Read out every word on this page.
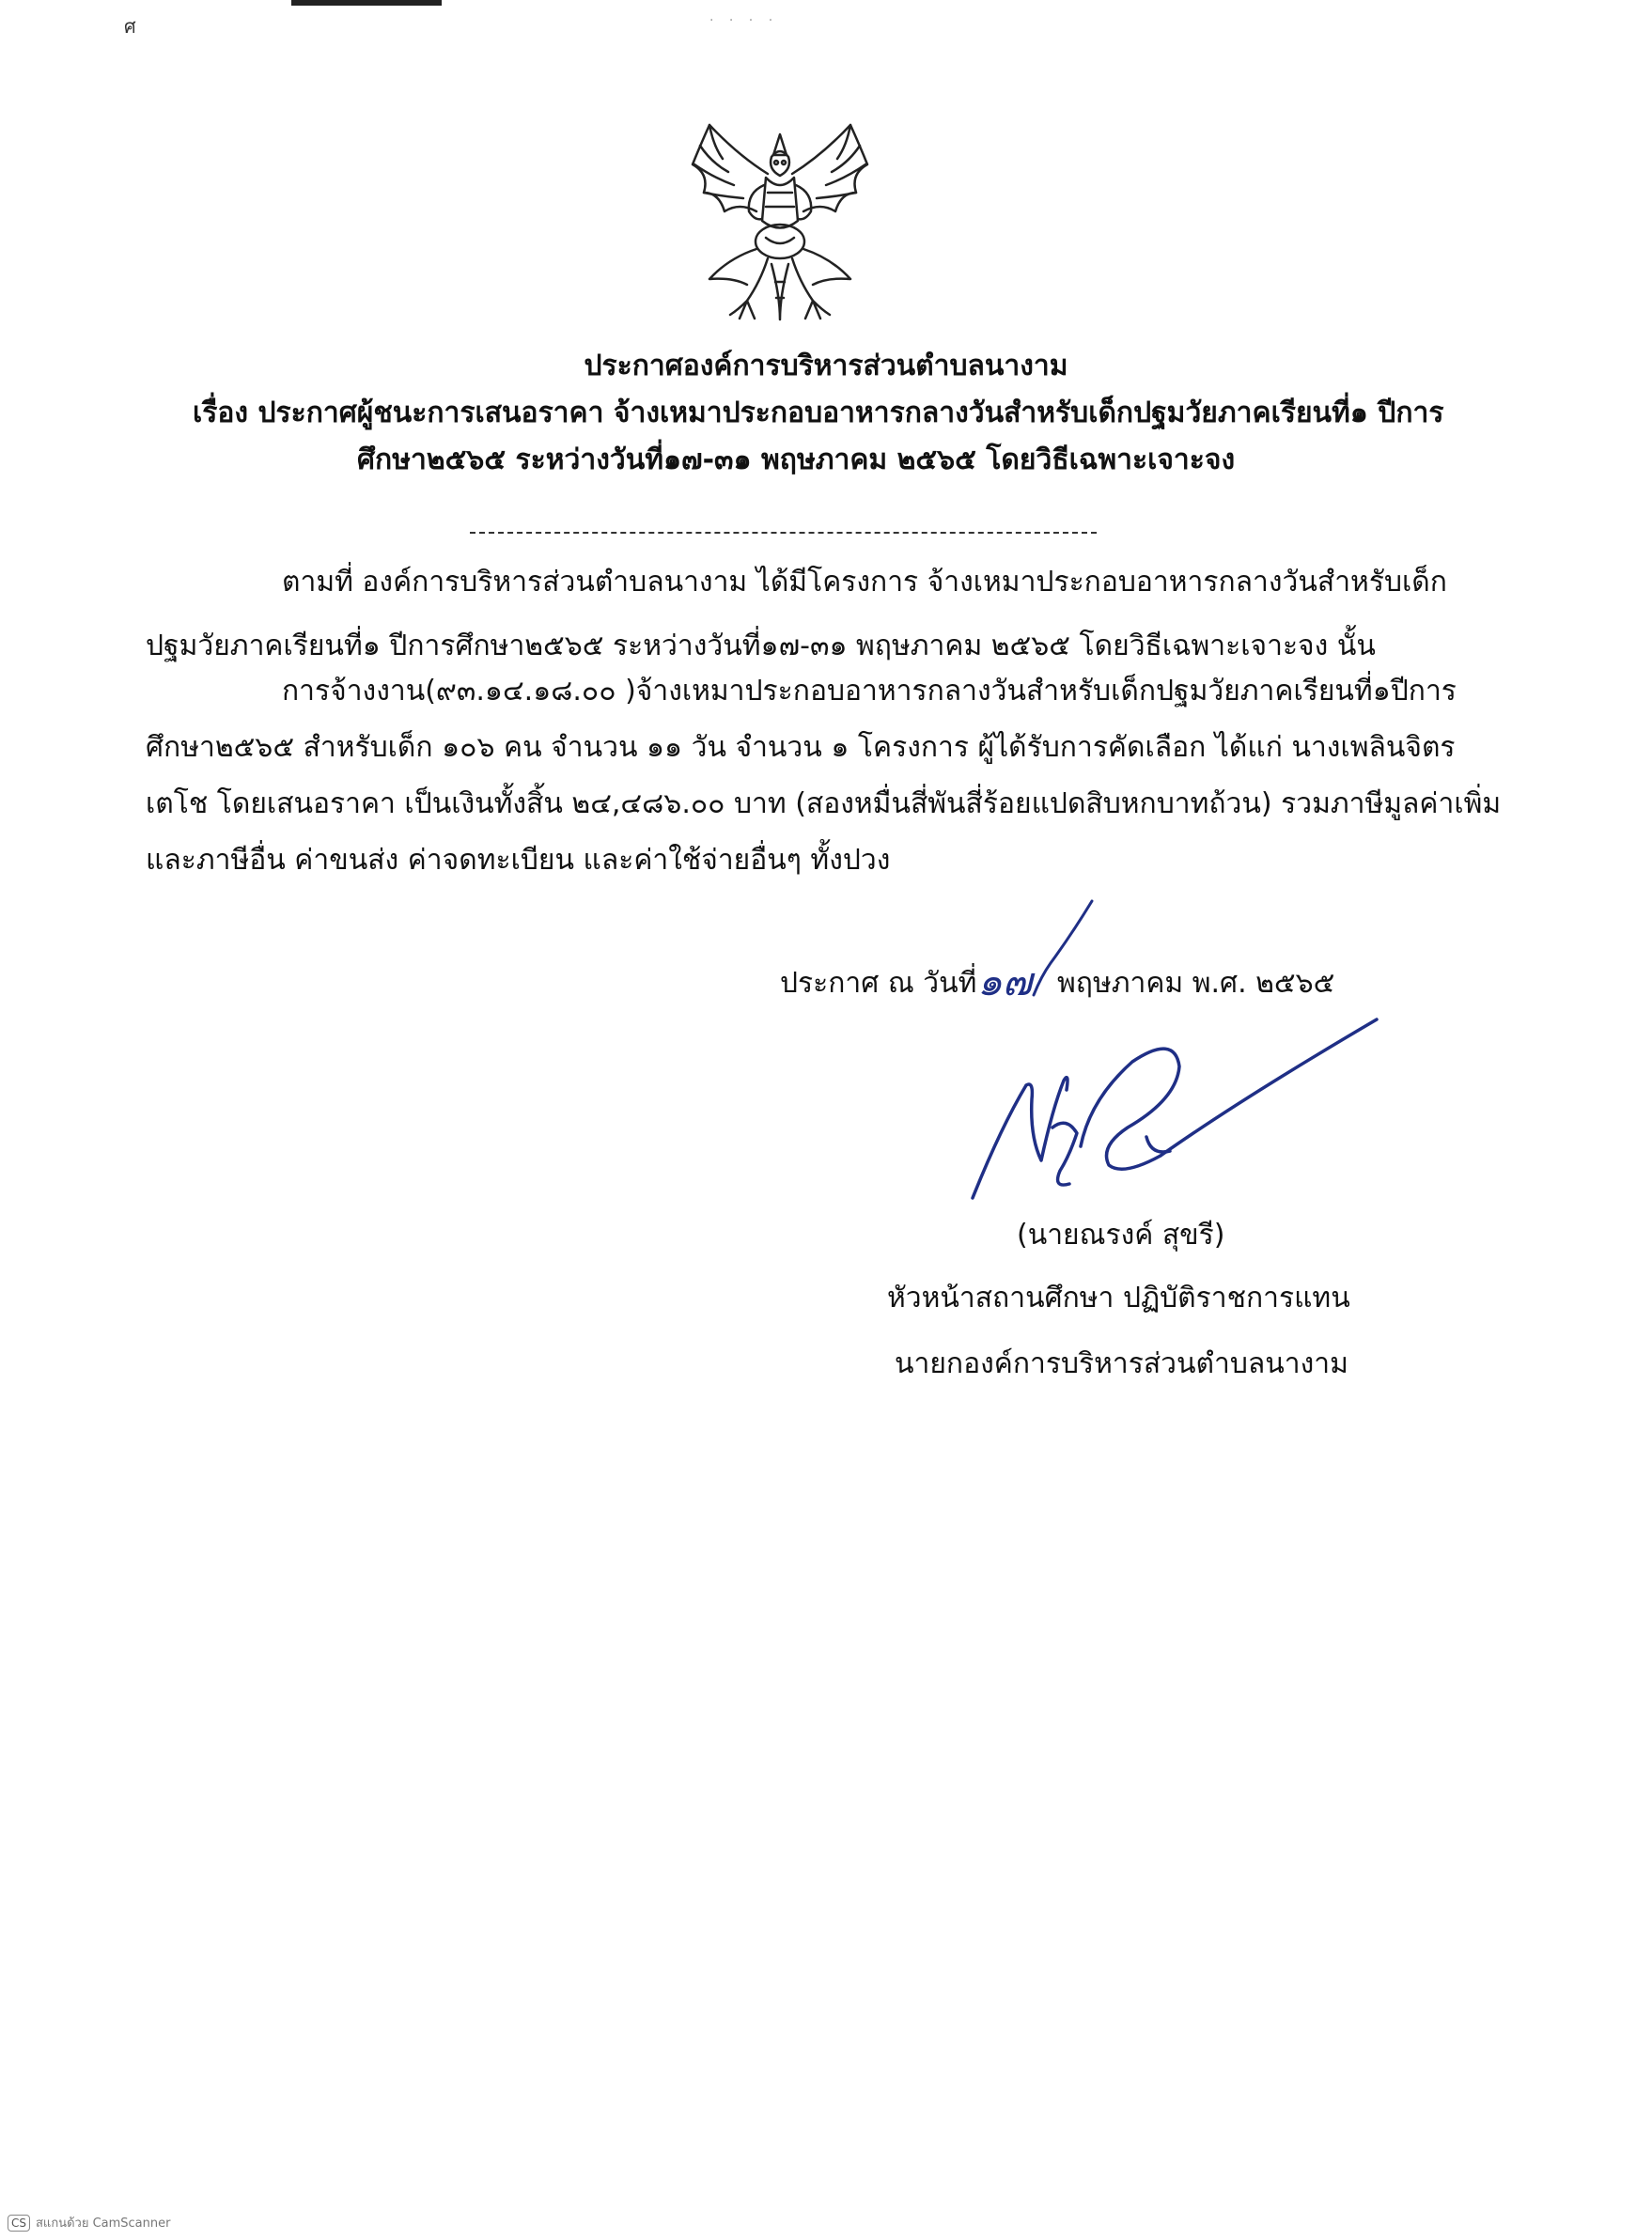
ศ	· · · ·
ประกาศองค์การบริหารส่วนตำบลนางาม
เรื่อง ประกาศผู้ชนะการเสนอราคา จ้างเหมาประกอบอาหารกลางวันสำหรับเด็กปฐมวัยภาคเรียนที่๑ ปีการ
ศึกษา๒๕๖๕ ระหว่างวันที่๑๗-๓๑ พฤษภาคม ๒๕๖๕ โดยวิธีเฉพาะเจาะจง
ตามที่ องค์การบริหารส่วนตำบลนางาม ได้มีโครงการ จ้างเหมาประกอบอาหารกลางวันสำหรับเด็ก
ปฐมวัยภาคเรียนที่๑ ปีการศึกษา๒๕๖๕ ระหว่างวันที่๑๗-๓๑ พฤษภาคม ๒๕๖๕ โดยวิธีเฉพาะเจาะจง นั้น
การจ้างงาน(๙๓.๑๔.๑๘.๐๐ )จ้างเหมาประกอบอาหารกลางวันสำหรับเด็กปฐมวัยภาคเรียนที่๑ปีการ
ศึกษา๒๕๖๕ สำหรับเด็ก ๑๐๖ คน จำนวน ๑๑ วัน จำนวน ๑ โครงการ ผู้ได้รับการคัดเลือก ได้แก่ นางเพลินจิตร
เตโช โดยเสนอราคา เป็นเงินทั้งสิ้น ๒๔,๔๘๖.๐๐ บาท (สองหมื่นสี่พันสี่ร้อยแปดสิบหกบาทถ้วน) รวมภาษีมูลค่าเพิ่ม
และภาษีอื่น ค่าขนส่ง ค่าจดทะเบียน และค่าใช้จ่ายอื่นๆ ทั้งปวง
ประกาศ ณ วันที่ ๑๗ พฤษภาคม พ.ศ. ๒๕๖๕
(นายณรงค์ สุขรี)
หัวหน้าสถานศึกษา ปฏิบัติราชการแทน
นายกองค์การบริหารส่วนตำบลนางาม
CS สแกนด้วย CamScanner
